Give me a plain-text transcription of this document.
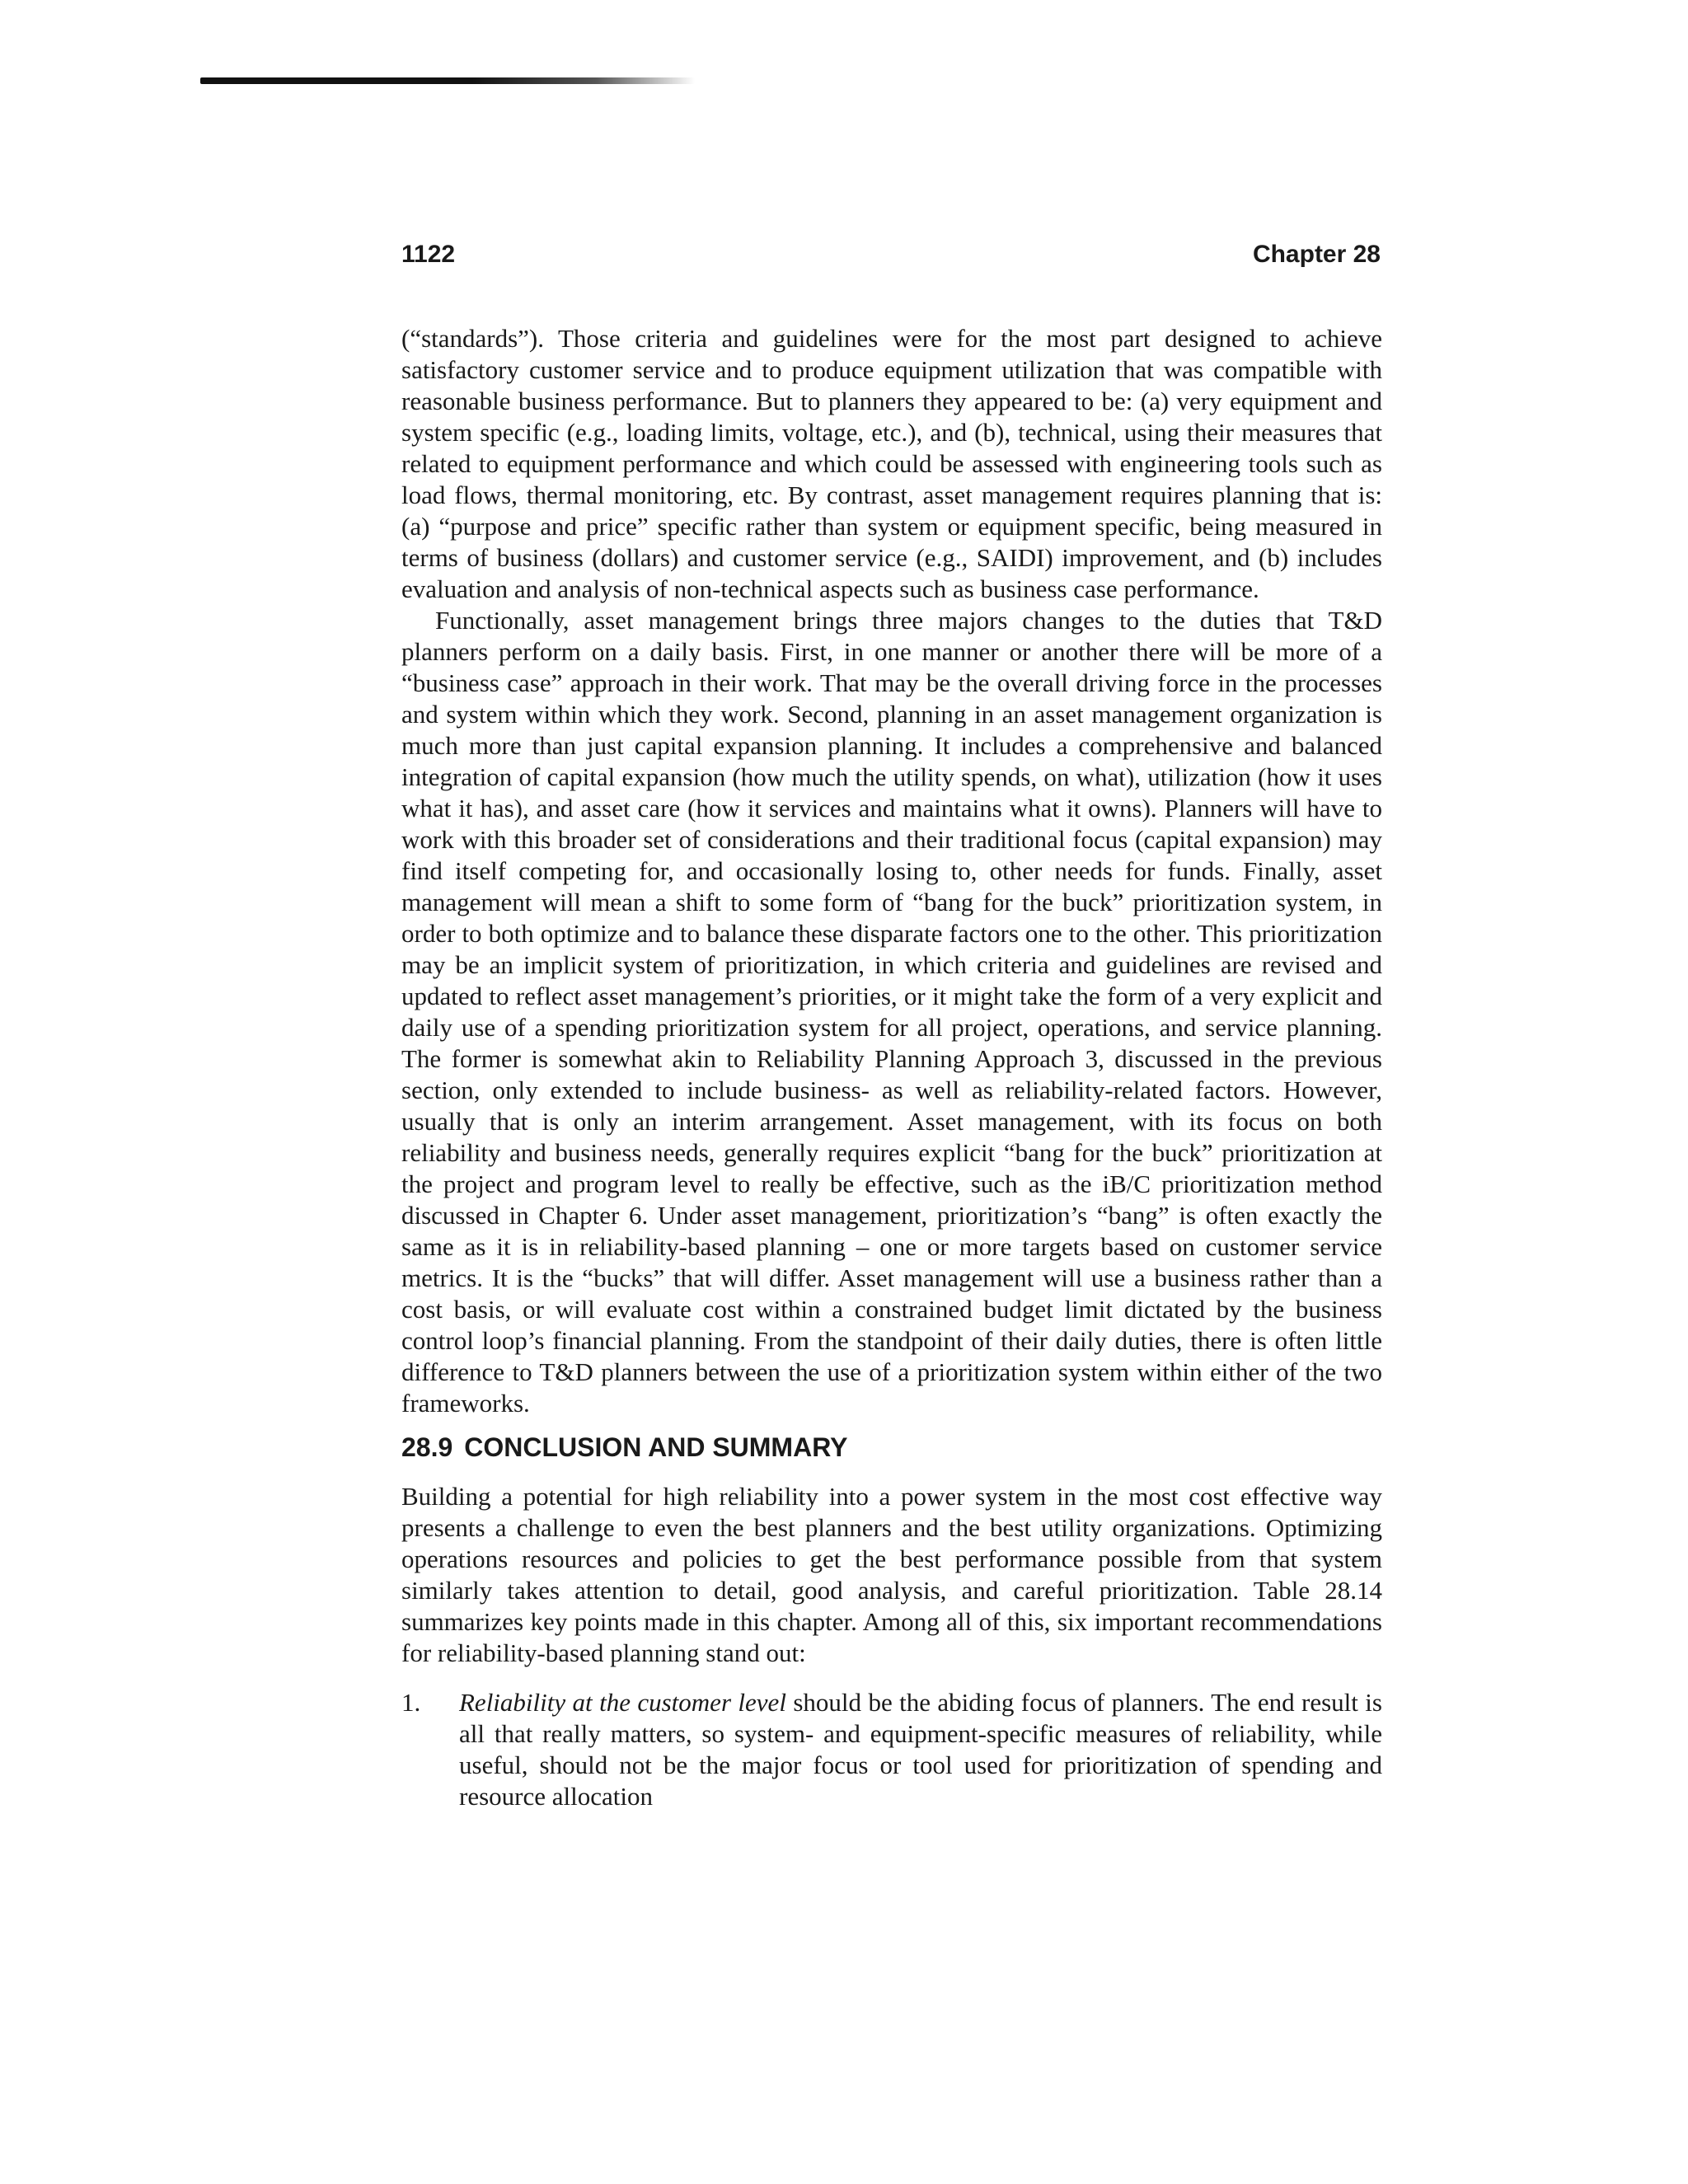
1122	Chapter 28

(“standards”). Those criteria and guidelines were for the most part designed to achieve satisfactory customer service and to produce equipment utilization that was compatible with reasonable business performance. But to planners they appeared to be: (a) very equipment and system specific (e.g., loading limits, voltage, etc.), and (b), technical, using their measures that related to equipment performance and which could be assessed with engineering tools such as load flows, thermal monitoring, etc. By contrast, asset management requires planning that is: (a) “purpose and price” specific rather than system or equipment specific, being measured in terms of business (dollars) and customer service (e.g., SAIDI) improvement, and (b) includes evaluation and analysis of non-technical aspects such as business case performance.

Functionally, asset management brings three majors changes to the duties that T&D planners perform on a daily basis. First, in one manner or another there will be more of a “business case” approach in their work. That may be the overall driving force in the processes and system within which they work. Second, planning in an asset management organization is much more than just capital expansion planning. It includes a comprehensive and balanced integration of capital expansion (how much the utility spends, on what), utilization (how it uses what it has), and asset care (how it services and maintains what it owns). Planners will have to work with this broader set of considerations and their traditional focus (capital expansion) may find itself competing for, and occasionally losing to, other needs for funds. Finally, asset management will mean a shift to some form of “bang for the buck” prioritization system, in order to both optimize and to balance these disparate factors one to the other. This prioritization may be an implicit system of prioritization, in which criteria and guidelines are revised and updated to reflect asset management’s priorities, or it might take the form of a very explicit and daily use of a spending prioritization system for all project, operations, and service planning. The former is somewhat akin to Reliability Planning Approach 3, discussed in the previous section, only extended to include business- as well as reliability-related factors. However, usually that is only an interim arrangement. Asset management, with its focus on both reliability and business needs, generally requires explicit “bang for the buck” prioritization at the project and program level to really be effective, such as the iB/C prioritization method discussed in Chapter 6. Under asset management, prioritization’s “bang” is often exactly the same as it is in reliability-based planning – one or more targets based on customer service metrics. It is the “bucks” that will differ. Asset management will use a business rather than a cost basis, or will evaluate cost within a constrained budget limit dictated by the business control loop’s financial planning. From the standpoint of their daily duties, there is often little difference to T&D planners between the use of a prioritization system within either of the two frameworks.

28.9 CONCLUSION AND SUMMARY

Building a potential for high reliability into a power system in the most cost effective way presents a challenge to even the best planners and the best utility organizations. Optimizing operations resources and policies to get the best performance possible from that system similarly takes attention to detail, good analysis, and careful prioritization. Table 28.14 summarizes key points made in this chapter. Among all of this, six important recommendations for reliability-based planning stand out:

1. Reliability at the customer level should be the abiding focus of planners. The end result is all that really matters, so system- and equipment-specific measures of reliability, while useful, should not be the major focus or tool used for prioritization of spending and resource allocation
